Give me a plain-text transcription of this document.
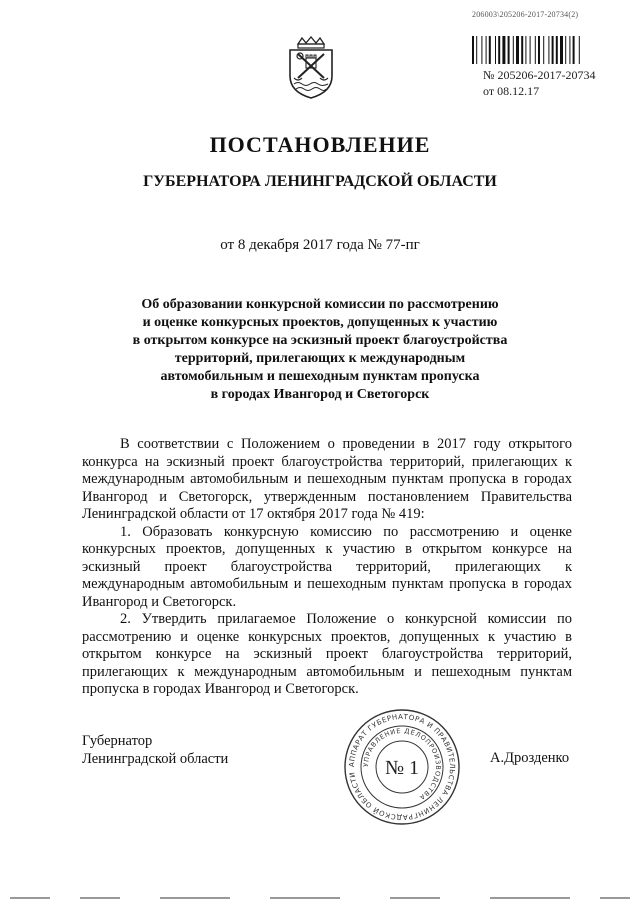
206003\205206-2017-20734(2)
№ 205206-2017-20734
от 08.12.17
ПОСТАНОВЛЕНИЕ
ГУБЕРНАТОРА ЛЕНИНГРАДСКОЙ ОБЛАСТИ
от 8 декабря 2017 года № 77-пг
Об образовании конкурсной комиссии по рассмотрению
и оценке конкурсных проектов, допущенных к участию
в открытом конкурсе на эскизный проект благоустройства
территорий, прилегающих к международным
автомобильным и пешеходным пунктам пропуска
в городах Ивангород и Светогорск

В соответствии с Положением о проведении в 2017 году открытого конкурса на эскизный проект благоустройства территорий, прилегающих к международным автомобильным и пешеходным пунктам пропуска в городах Ивангород и Светогорск, утвержденным постановлением Правительства Ленинградской области от 17 октября 2017 года № 419:

1. Образовать конкурсную комиссию по рассмотрению и оценке конкурсных проектов, допущенных к участию в открытом конкурсе на эскизный проект благоустройства территорий, прилегающих к международным автомобильным и пешеходным пунктам пропуска в городах Ивангород и Светогорск.

2. Утвердить прилагаемое Положение о конкурсной комиссии по рассмотрению и оценке конкурсных проектов, допущенных к участию в открытом конкурсе на эскизный проект благоустройства территорий, прилегающих к международным автомобильным и пешеходным пунктам пропуска в городах Ивангород и Светогорск.

Губернатор
Ленинградской области	АППАРАТ ГУБЕРНАТОРА И ПРАВИТЕЛЬСТВА ЛЕНИНГРАДСКОЙ ОБЛАСТИ
УПРАВЛЕНИЕ ДЕЛОПРОИЗВОДСТВА
№ 1	А.Дрозденко
